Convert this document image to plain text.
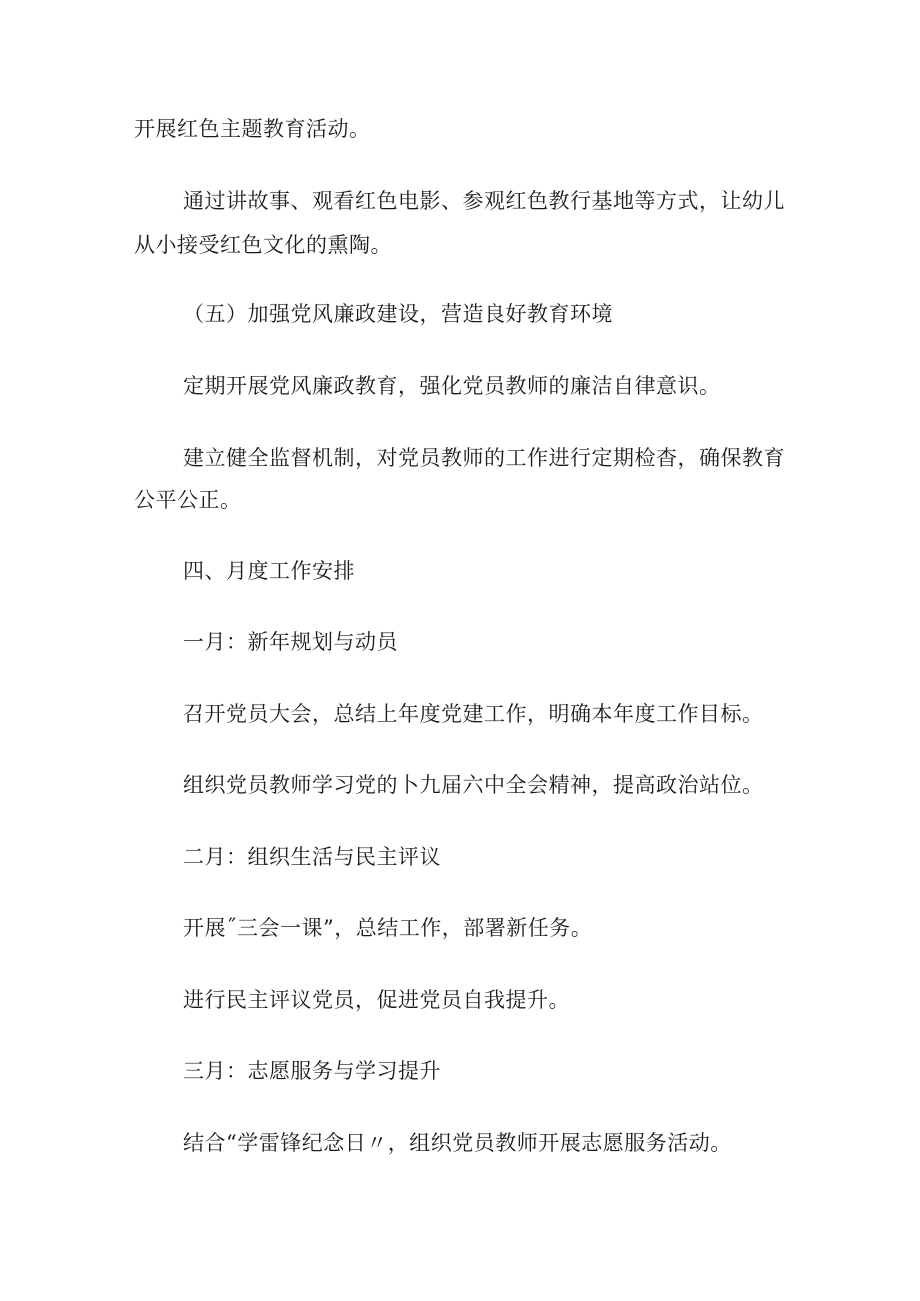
开展红色主题教育活动。

通过讲故事、观看红色电影、参观红色教行基地等方式，让幼儿

从小接受红色文化的熏陶。

（五）加强党风廉政建设，营造良好教育环境

定期开展党风廉政教育，强化党员教师的廉洁自律意识。

建立健全监督机制，对党员教师的工作进行定期检杳，确保教育

公平公正。

四、月度工作安排

一月：新年规划与动员

召开党员大会，总结上年度党建工作，明确本年度工作目标。

组织党员教师学习党的卜九届六中全会精神，提高政治站位。

二月：组织生活与民主评议

开展˝三会一课”，总结工作，部署新任务。

进行民主评议党员，促进党员自我提升。

三月：志愿服务与学习提升

结合“学雷锋纪念日〃，组织党员教师开展志愿服务活动。
